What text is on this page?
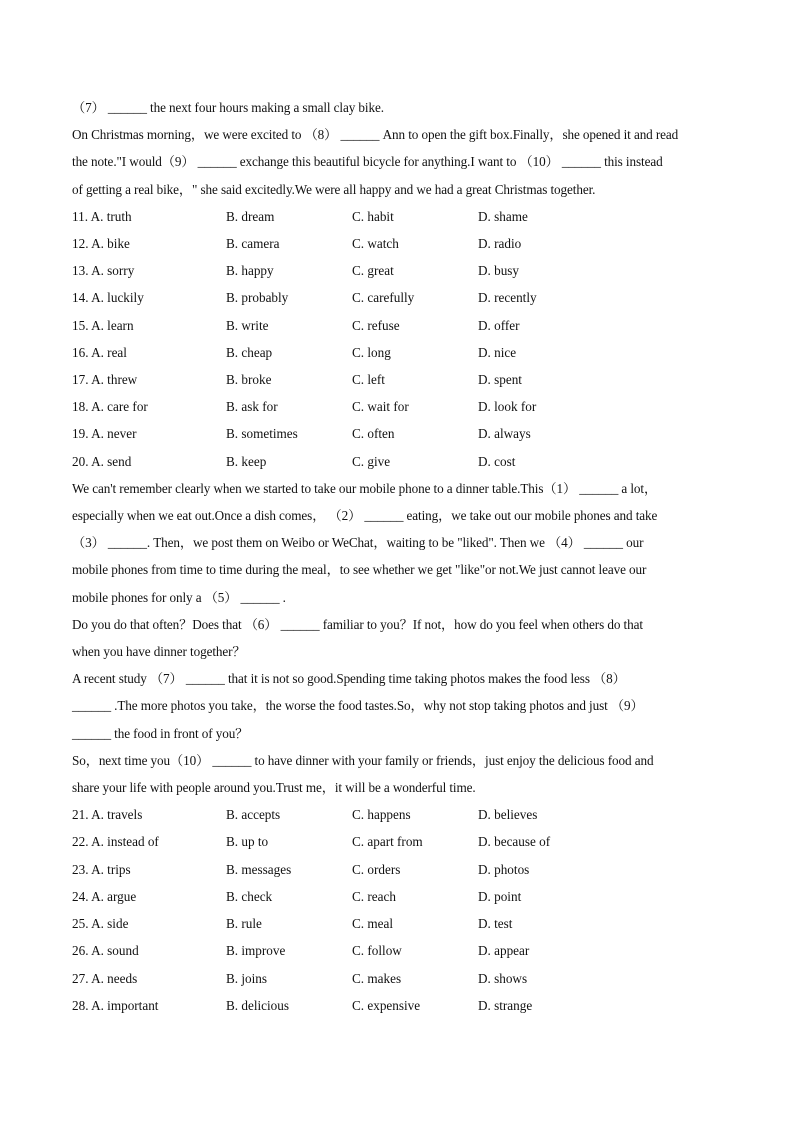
（7） ______ the next four hours making a small clay bike.
On Christmas morning，we were excited to （8） ______ Ann to open the gift box.Finally，she opened it and read
the note."I would（9） ______ exchange this beautiful bicycle for anything.I want to （10） ______ this instead
of getting a real bike，" she said excitedly.We were all happy and we had a great Christmas together.
11. A. truth	B. dream	C. habit	D. shame
12. A. bike	B. camera	C. watch	D. radio
13. A. sorry	B. happy	C. great	D. busy
14. A. luckily	B. probably	C. carefully	D. recently
15. A. learn	B. write	C. refuse	D. offer
16. A. real	B. cheap	C. long	D. nice
17. A. threw	B. broke	C. left	D. spent
18. A. care for	B. ask for	C. wait for	D. look for
19. A. never	B. sometimes	C. often	D. always
20. A. send	B. keep	C. give	D. cost
We can't remember clearly when we started to take our mobile phone to a dinner table.This（1） ______ a lot，
especially when we eat out.Once a dish comes， （2） ______ eating，we take out our mobile phones and take
（3） ______. Then，we post them on Weibo or WeChat，waiting to be "liked". Then we （4） ______ our
mobile phones from time to time during the meal，to see whether we get "like"or not.We just cannot leave our
mobile phones for only a （5） ______ .
Do you do that often？Does that （6） ______ familiar to you？If not，how do you feel when others do that
when you have dinner together？
A recent study （7） ______ that it is not so good.Spending time taking photos makes the food less （8）
______ .The more photos you take，the worse the food tastes.So，why not stop taking photos and just （9）
______ the food in front of you？
So，next time you（10） ______ to have dinner with your family or friends，just enjoy the delicious food and
share your life with people around you.Trust me，it will be a wonderful time.
21. A. travels	B. accepts	C. happens	D. believes
22. A. instead of	B. up to	C. apart from	D. because of
23. A. trips	B. messages	C. orders	D. photos
24. A. argue	B. check	C. reach	D. point
25. A. side	B. rule	C. meal	D. test
26. A. sound	B. improve	C. follow	D. appear
27. A. needs	B. joins	C. makes	D. shows
28. A. important	B. delicious	C. expensive	D. strange
